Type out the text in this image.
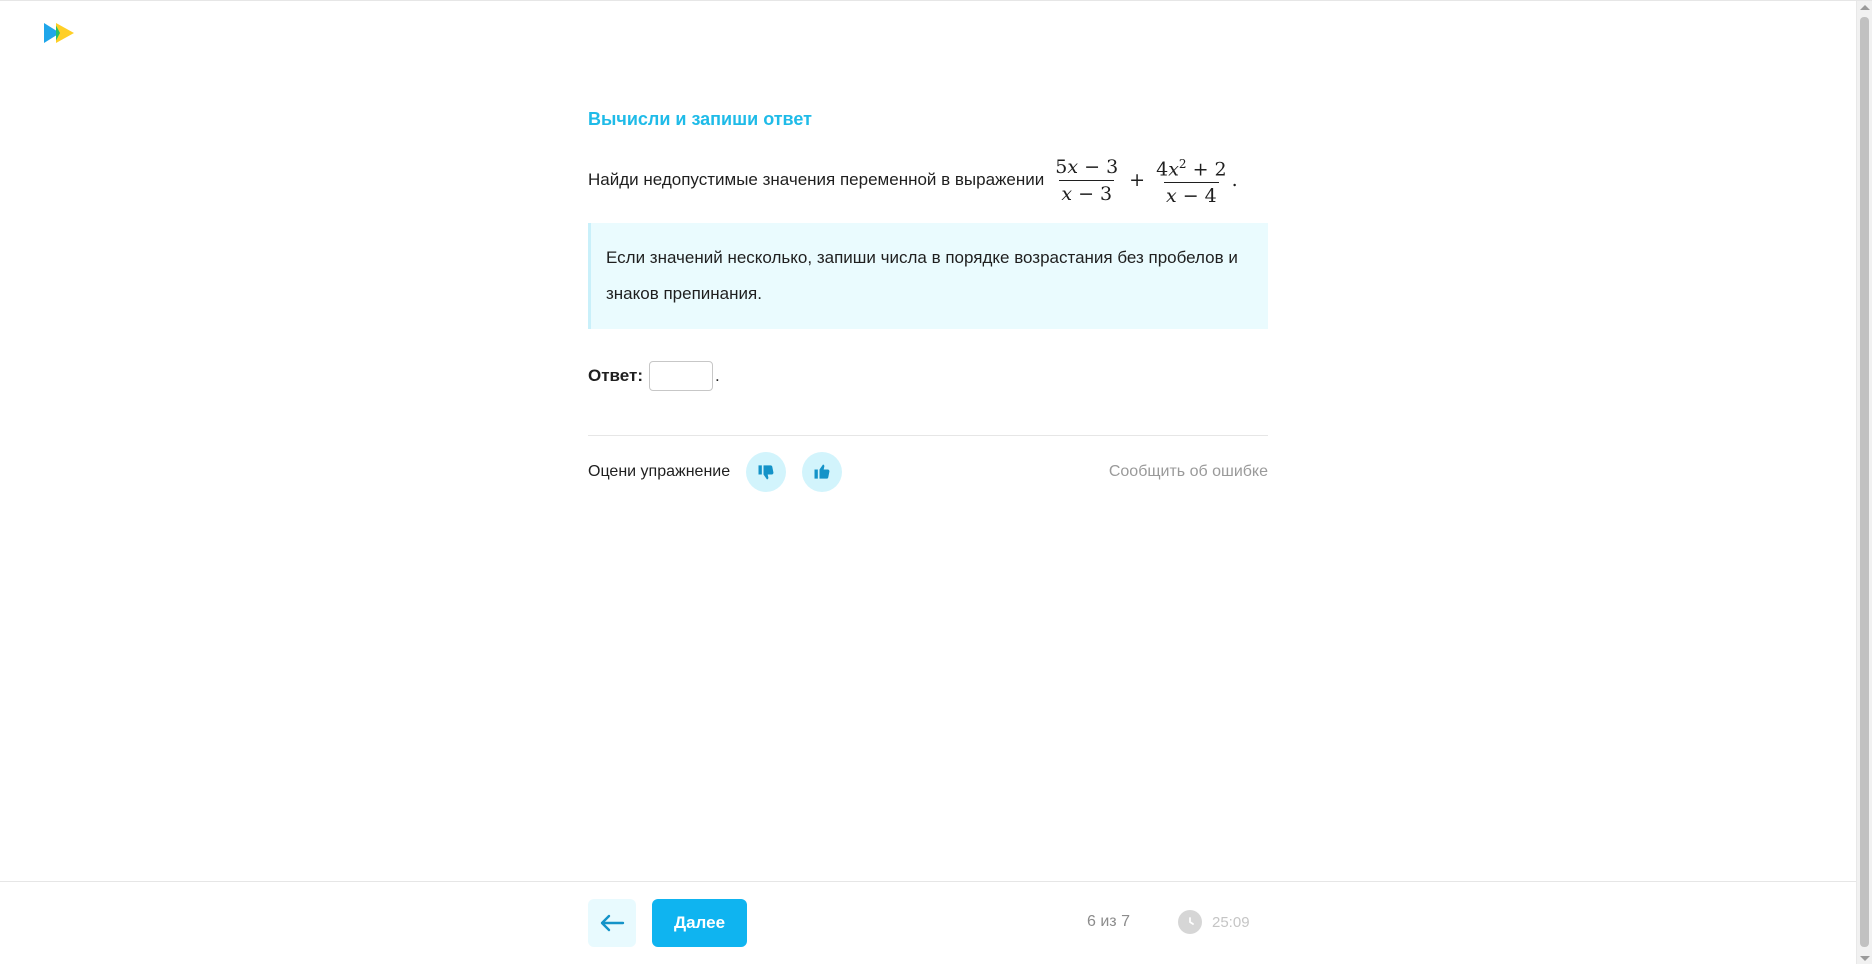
Вычисли и запиши ответ
Найди недопустимые значения переменной в выражении $\frac{5x - 3}{x - 3} + \frac{4x^2 + 2}{x - 4}$ .
Если значений несколько, запиши числа в порядке возрастания без пробелов и знаков препинания.
Ответ:	.
Оцени упражнение	Сообщить об ошибке
Далее	6 из 7	25:09
